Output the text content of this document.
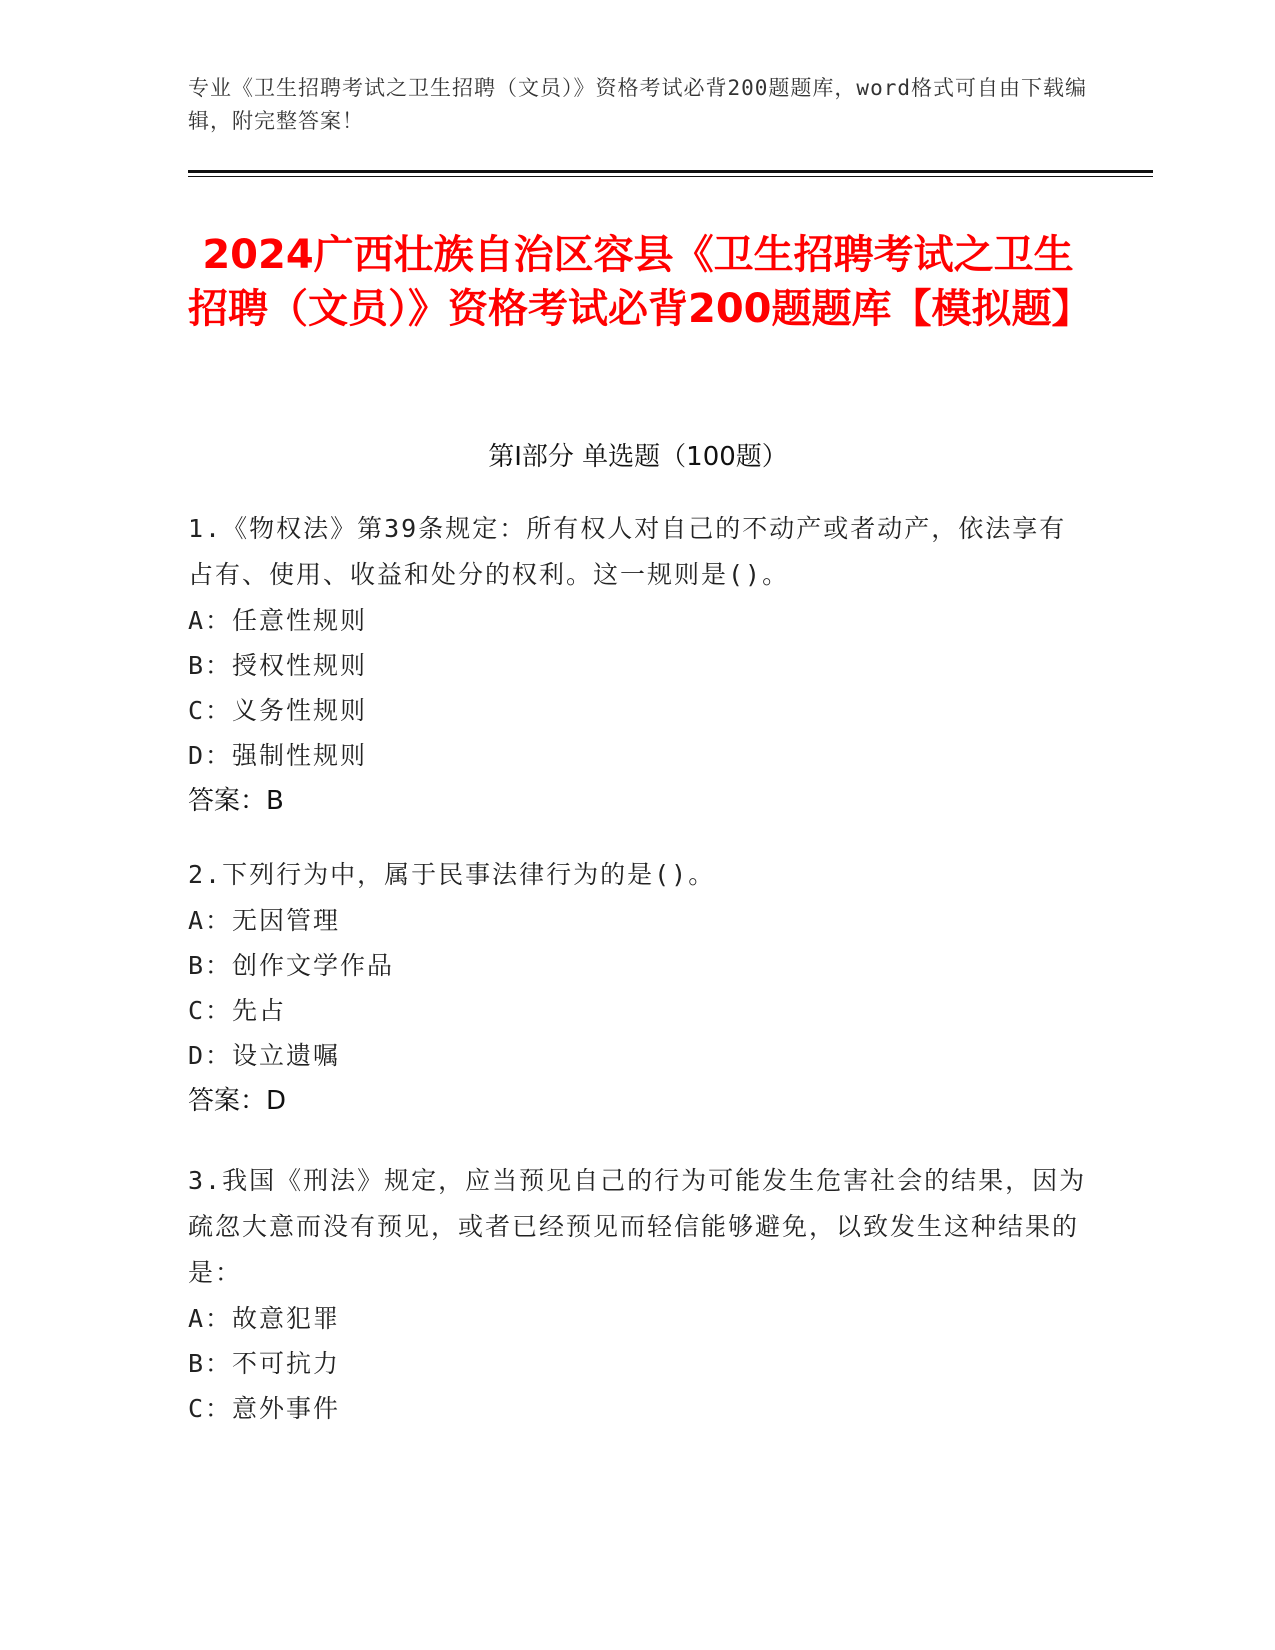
专业《卫生招聘考试之卫生招聘（文员）》资格考试必背200题题库，word格式可自由下载编辑，附完整答案！
2024广西壮族自治区容县《卫生招聘考试之卫生招聘（文员）》资格考试必背200题题库【模拟题】
第Ⅰ部分 单选题（100题）
1.《物权法》第39条规定：所有权人对自己的不动产或者动产，依法享有占有、使用、收益和处分的权利。这一规则是()。
A：任意性规则
B：授权性规则
C：义务性规则
D：强制性规则
答案：B
2.下列行为中，属于民事法律行为的是()。
A：无因管理
B：创作文学作品
C：先占
D：设立遗嘱
答案：D
3.我国《刑法》规定，应当预见自己的行为可能发生危害社会的结果，因为疏忽大意而没有预见，或者已经预见而轻信能够避免，以致发生这种结果的是：
A：故意犯罪
B：不可抗力
C：意外事件
